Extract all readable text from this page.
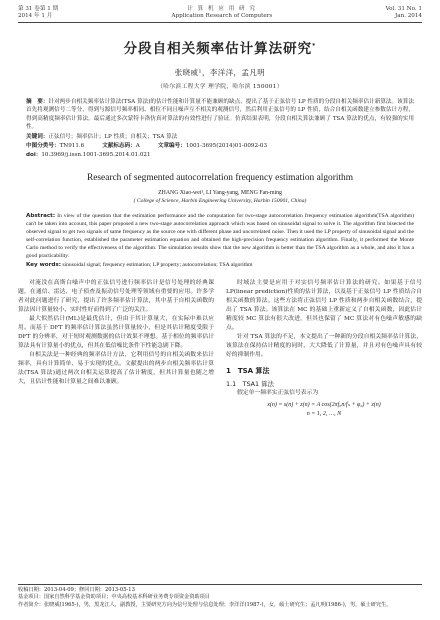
第 31 卷第 1 期
2014 年 1 月
计 算 机 应 用 研 究
Application Research of Computers
Vol. 31 No. 1
Jan. 2014
分段自相关频率估计算法研究*
张晓威¹，李洋洋，孟凡明
（哈尔滨工程大学 理学院，哈尔滨 150001）
摘　要：针对两步自相关频率估计算法(TSA 算法)的估计性能和计算量不能兼顾的缺点，提出了基于正弦信号 LP 性质的分段自相关频率估计新算法。该算法首先将观测信号二等分，得到与源信号频率相同、相位不同且噪声互不相关的观测信号，然后利用正弦信号的 LP 性质，结合自相关函数建立参数估计方程，得到高精度频率估计算法。最后通过多次蒙特卡洛仿真对算法的有效性进行了验证。仿真结果表明，分段自相关算法兼顾了 TSA 算法的优点，有较强的实用性。
关键词：正弦信号；频率估计；LP 性质；自相关；TSA 算法
中图分类号：TN911.6	文献标志码：A	文章编号：1001-3695(2014)01-0092-03
doi：10.3969/j.issn.1001-3695.2014.01.021
Research of segmented autocorrelation frequency estimation algorithm
ZHANG Xiao-wei¹, LI Yang-yang, MENG Fan-ming
( College of Science, Harbin Engineering University, Harbin 150001, China)
Abstract: In view of the question that the estimation performance and the computation for two-stage autocorrelation frequency estimation algorithm(TSA algorithm) can't be taken into account, this paper proposed a new two-stage autocorrelation approach which was based on sinusoidal signal to solve it. The algorithm first bisected the observed signal to get two signals of same frequency as the source one with different phase and uncorrelated noise. Then it used the LP property of sinusoidal signal and the self-correlation function, established the parameter estimation equation and obtained the high-precision frequency estimation algorithm. Finally, it performed the Monte Carlo method to verify the effectiveness of the algorithm. The simulation results show that the new algorithm is better than the TSA algorithm as a whole, and also it has a good practicability.
Key words: sinusoidal signal; frequency estimation; LP property; autocorrelation; TSA algorithm

对淹没在高斯白噪声中的正弦信号进行频率估计是信号处理的经典课题，在通信、雷达、电子侦查及振动信号处理等领域有重要的应用。许多学者对此问题进行了研究，提出了许多频率估计算法，其中基于自相关函数的算法因计算量较小、实时性好而得到了广泛的关注。

最大似然估计(ML)是最优估计，但由于其计算量大，在实际中难以应用。而基于 DFT 的频率估计算法虽然计算量较小，但是其估计精度受限于 DFT 的分辨率，对于短时观测数据的估计效果不理想。基于相位的频率估计算法具有计算量小的优点，但其在低信噪比条件下性能急剧下降。

自相关法是一种经典的频率估计方法，它利用信号的自相关函数来估计频率，具有计算简单、易于实现的优点。文献提出的两步自相关频率估计算法(TSA 算法)通过两次自相关运算提高了估计精度，但其计算量也随之增大，且估计性能和计算量之间难以兼顾。

时域法主要是应用于对实信号频率估计算法的研究。如果基于信号LP(linear prediction)性质的估计算法，以及基于正弦信号 LP 性质结合自相关函数的算法。这些方法将正弦信号 LP 性质和两步自相关函数结合，提出了 TSA 算法。该算法在 MC 的基础上重新定义了自相关函数，因此估计精度较 MC 算法有很大改进，但其也保留了 MC 算法对有色噪声敏感的缺点。

针对 TSA 算法的不足，本文提出了一种新的分段自相关频率估计算法，该算法在保持估计精度的同时，大大降低了计算量，并且对有色噪声具有较好的抑制作用。

1　TSA 算法

1.1　TSA1 算法

假定单一频率实正弦信号表示为

x(n) = s(n) + z(n) = A cos(2πf₀n/fₛ + φ₀) + z(n)
n = 1, 2, …, N
收稿日期：2013-04-09；修回日期：2013-05-13
基金项目：国家自然科学基金资助项目；中央高校基本科研业务费专项资金资助项目
作者简介：张晓威(1965-)，男，黑龙江人，副教授，主要研究方向为信号处理与信息处理；李洋洋(1987-)，女，硕士研究生；孟凡明(1986-)，男，硕士研究生。
